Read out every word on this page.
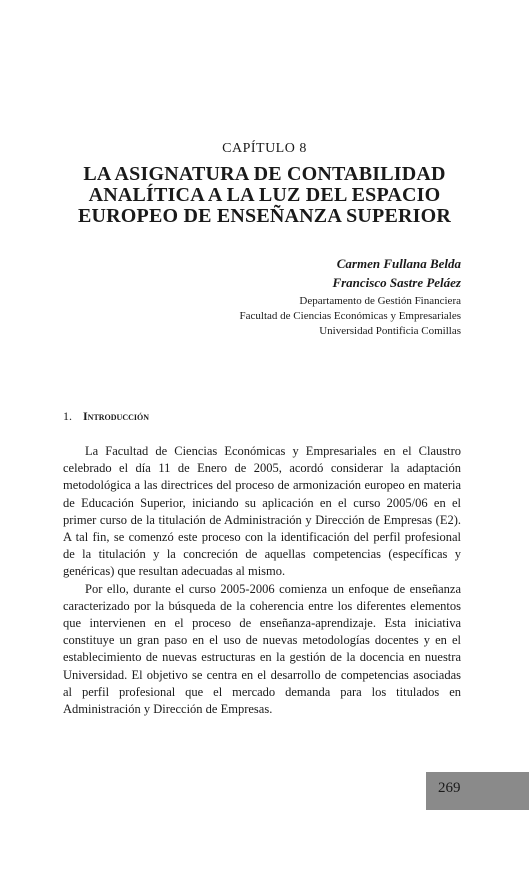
CAPÍTULO 8
LA ASIGNATURA DE CONTABILIDAD ANALÍTICA A LA LUZ DEL ESPACIO EUROPEO DE ENSEÑANZA SUPERIOR
Carmen Fullana Belda
Francisco Sastre Peláez
Departamento de Gestión Financiera
Facultad de Ciencias Económicas y Empresariales
Universidad Pontificia Comillas
1. Introducción

La Facultad de Ciencias Económicas y Empresariales en el Claustro celebrado el día 11 de Enero de 2005, acordó considerar la adaptación metodológica a las directrices del proceso de armonización europeo en materia de Educación Superior, iniciando su aplicación en el curso 2005/06 en el primer curso de la titulación de Administración y Dirección de Empresas (E2). A tal fin, se comenzó este proceso con la identificación del perfil profesional de la titulación y la concreción de aquellas competencias (específicas y genéricas) que resultan adecuadas al mismo.

Por ello, durante el curso 2005-2006 comienza un enfoque de enseñanza caracterizado por la búsqueda de la coherencia entre los diferentes elementos que intervienen en el proceso de enseñanza-aprendizaje. Esta iniciativa constituye un gran paso en el uso de nuevas metodologías docentes y en el establecimiento de nuevas estructuras en la gestión de la docencia en nuestra Universidad. El objetivo se centra en el desarrollo de competencias asociadas al perfil profesional que el mercado demanda para los titulados en Administración y Dirección de Empresas.

269
